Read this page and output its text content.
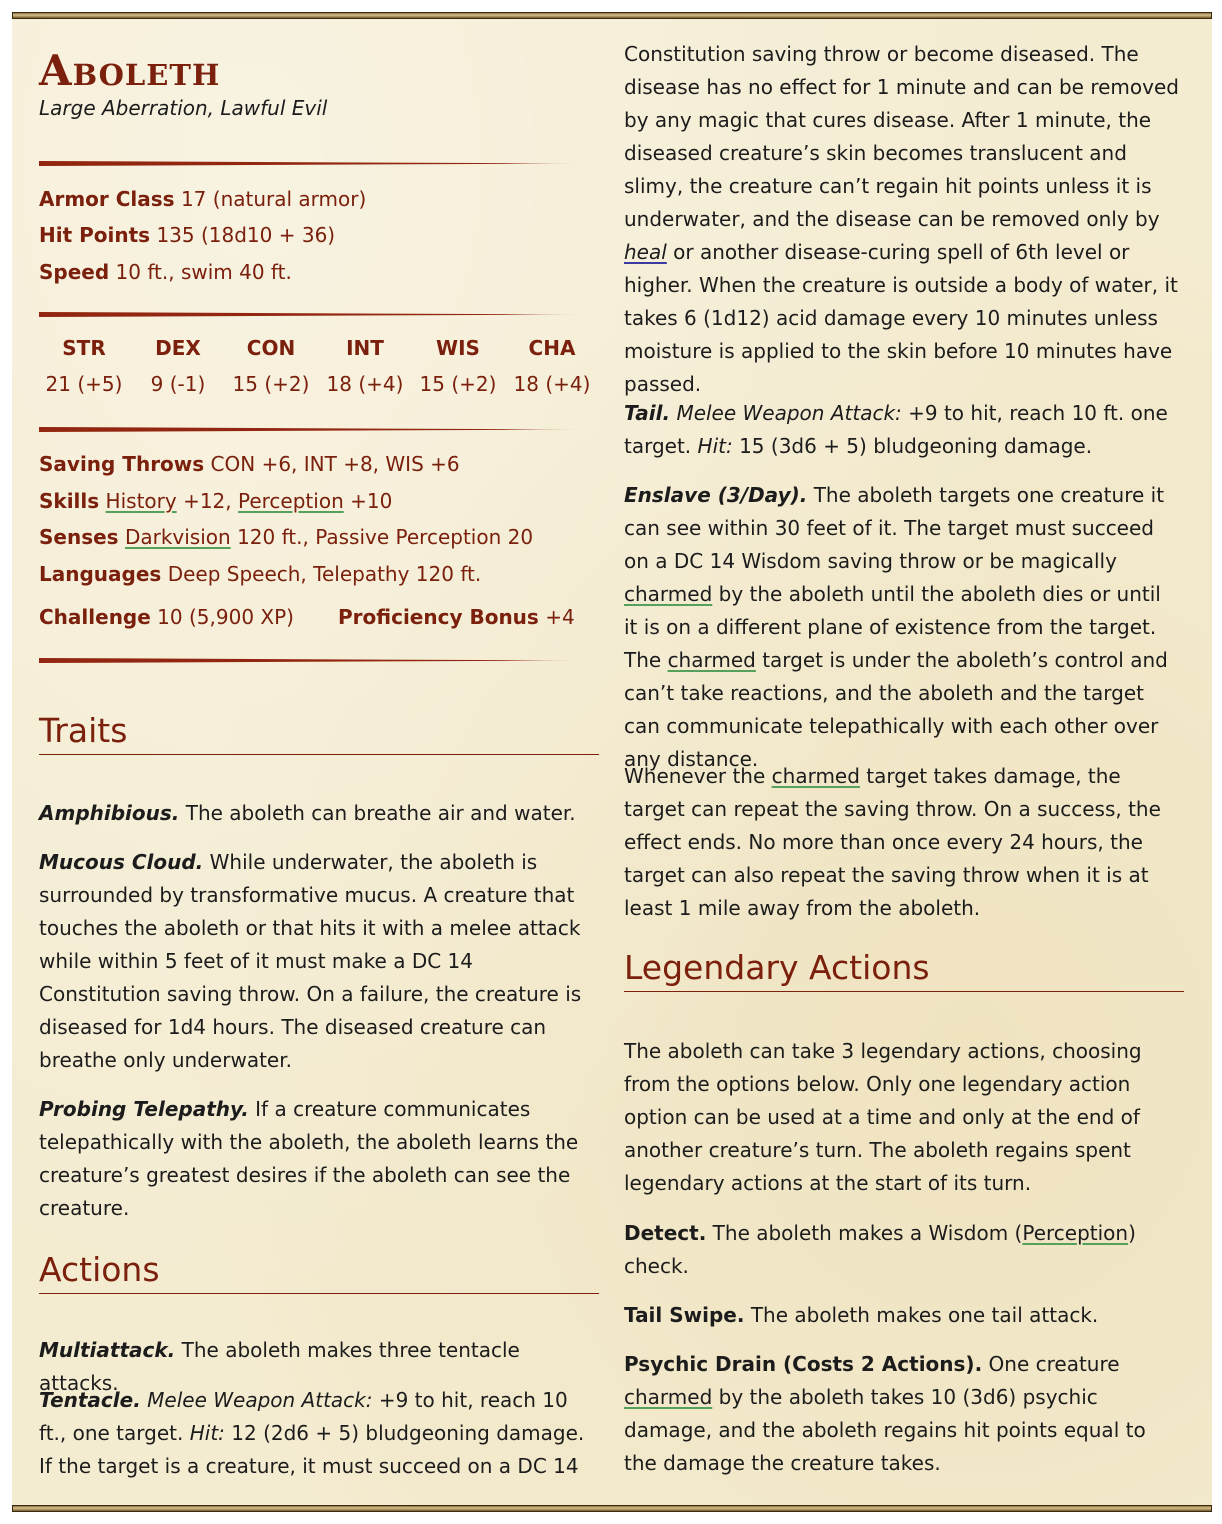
Aboleth
Large Aberration, Lawful Evil
Armor Class 17 (natural armor)
Hit Points 135 (18d10 + 36)
Speed 10 ft., swim 40 ft.
STR
21 (+5)
DEX
9 (-1)
CON
15 (+2)
INT
18 (+4)
WIS
15 (+2)
CHA
18 (+4)
Saving Throws CON +6, INT +8, WIS +6
Skills History +12, Perception +10
Senses Darkvision 120 ft., Passive Perception 20
Languages Deep Speech, Telepathy 120 ft.
Challenge 10 (5,900 XP) Proficiency Bonus +4
Traits
Amphibious. The aboleth can breathe air and water.
Mucous Cloud. While underwater, the aboleth is surrounded by transformative mucus. A creature that touches the aboleth or that hits it with a melee attack while within 5 feet of it must make a DC 14 Constitution saving throw. On a failure, the creature is diseased for 1d4 hours. The diseased creature can breathe only underwater.
Probing Telepathy. If a creature communicates telepathically with the aboleth, the aboleth learns the creature’s greatest desires if the aboleth can see the creature.
Actions
Multiattack. The aboleth makes three tentacle attacks.
Tentacle. Melee Weapon Attack: +9 to hit, reach 10 ft., one target. Hit: 12 (2d6 + 5) bludgeoning damage. If the target is a creature, it must succeed on a DC 14
Constitution saving throw or become diseased. The disease has no effect for 1 minute and can be removed by any magic that cures disease. After 1 minute, the diseased creature’s skin becomes translucent and slimy, the creature can’t regain hit points unless it is underwater, and the disease can be removed only by heal or another disease-curing spell of 6th level or higher. When the creature is outside a body of water, it takes 6 (1d12) acid damage every 10 minutes unless moisture is applied to the skin before 10 minutes have passed.
Tail. Melee Weapon Attack: +9 to hit, reach 10 ft. one target. Hit: 15 (3d6 + 5) bludgeoning damage.
Enslave (3/Day). The aboleth targets one creature it can see within 30 feet of it. The target must succeed on a DC 14 Wisdom saving throw or be magically charmed by the aboleth until the aboleth dies or until it is on a different plane of existence from the target. The charmed target is under the aboleth’s control and can’t take reactions, and the aboleth and the target can communicate telepathically with each other over any distance.
Whenever the charmed target takes damage, the target can repeat the saving throw. On a success, the effect ends. No more than once every 24 hours, the target can also repeat the saving throw when it is at least 1 mile away from the aboleth.
Legendary Actions
The aboleth can take 3 legendary actions, choosing from the options below. Only one legendary action option can be used at a time and only at the end of another creature’s turn. The aboleth regains spent legendary actions at the start of its turn.
Detect. The aboleth makes a Wisdom (Perception) check.
Tail Swipe. The aboleth makes one tail attack.
Psychic Drain (Costs 2 Actions). One creature charmed by the aboleth takes 10 (3d6) psychic damage, and the aboleth regains hit points equal to the damage the creature takes.
